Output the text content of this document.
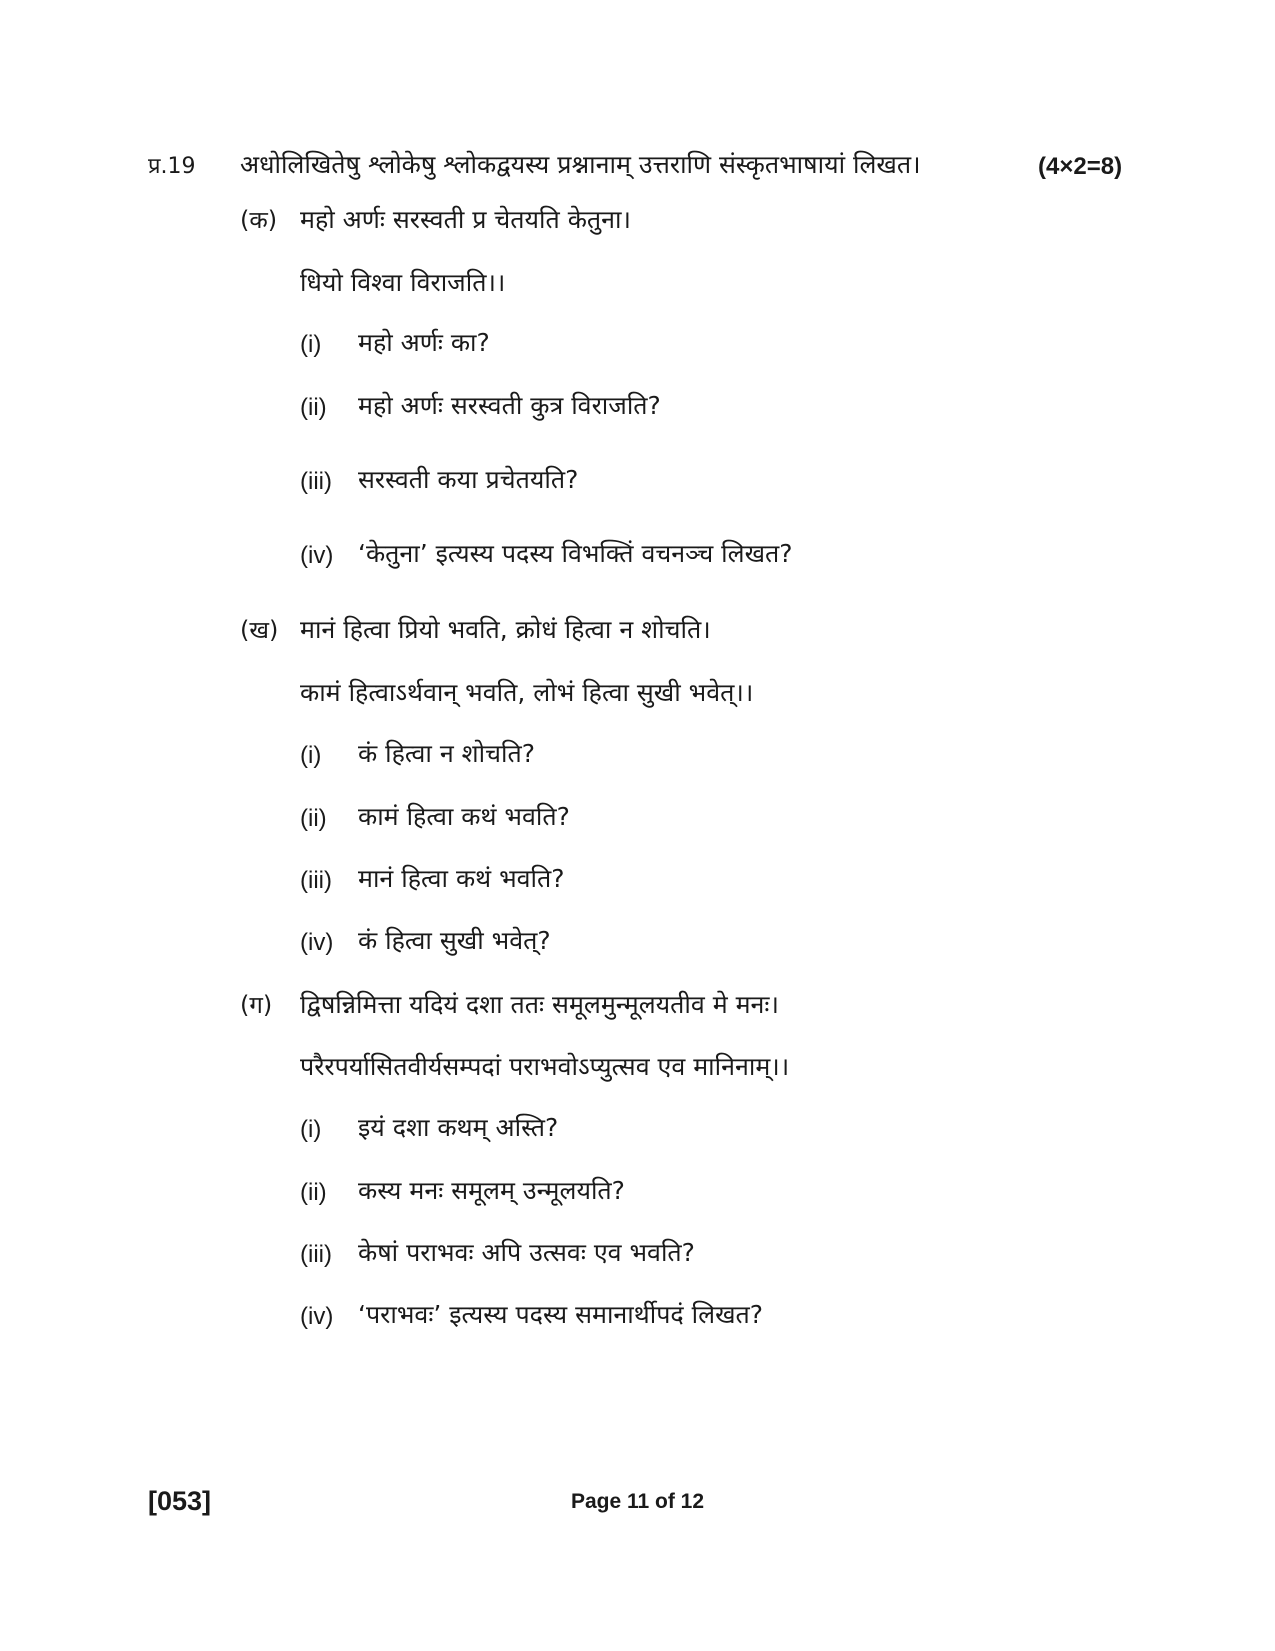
प्र.19 अधोलिखितेषु श्लोकेषु श्लोकद्वयस्य प्रश्नानाम् उत्तराणि संस्कृतभाषायां लिखत।	(4×2=8)
(क) महो अर्णः सरस्वती प्र चेतयति केतुना।
धियो विश्वा विराजति।।
(i) महो अर्णः का?
(ii) महो अर्णः सरस्वती कुत्र विराजति?
(iii) सरस्वती कया प्रचेतयति?
(iv) ‘केतुना’ इत्यस्य पदस्य विभक्तिं वचनञ्च लिखत?
(ख) मानं हित्वा प्रियो भवति, क्रोधं हित्वा न शोचति।
कामं हित्वाऽर्थवान् भवति, लोभं हित्वा सुखी भवेत्।।
(i) कं हित्वा न शोचति?
(ii) कामं हित्वा कथं भवति?
(iii) मानं हित्वा कथं भवति?
(iv) कं हित्वा सुखी भवेत्?
(ग) द्विषन्निमित्ता यदियं दशा ततः समूलमुन्मूलयतीव मे मनः।
परैरपर्यासितवीर्यसम्पदां पराभवोऽप्युत्सव एव मानिनाम्।।
(i) इयं दशा कथम् अस्ति?
(ii) कस्य मनः समूलम् उन्मूलयति?
(iii) केषां पराभवः अपि उत्सवः एव भवति?
(iv) ‘पराभवः’ इत्यस्य पदस्य समानार्थीपदं लिखत?
[053]	Page 11 of 12
